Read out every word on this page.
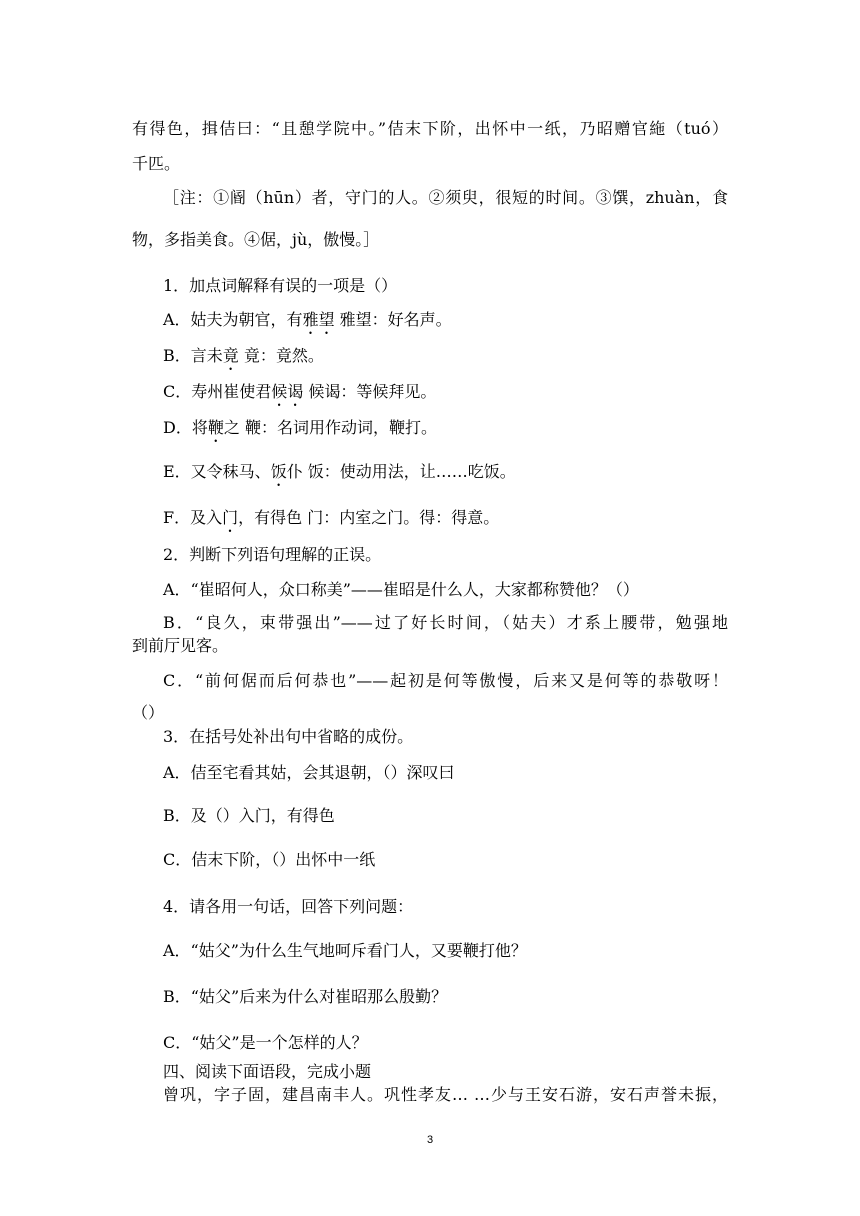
有得色，揖佶曰：“且憩学院中。”佶末下阶，出怀中一纸，乃昭赠官絁（tuó）
千匹。
［注：①阍（hūn）者，守门的人。②须臾，很短的时间。③馔，zhuàn，食
物，多指美食。④倨，jù，傲慢。］
1．加点词解释有误的一项是（）
A．姑夫为朝官，有雅望 雅望：好名声。
B．言未竟 竟：竟然。
C．寿州崔使君候谒 候谒：等候拜见。
D．将鞭之 鞭：名词用作动词，鞭打。
E．又令秣马、饭仆 饭：使动用法，让……吃饭。
F．及入门，有得色 门：内室之门。得：得意。
2．判断下列语句理解的正误。
A．“崔昭何人，众口称美”——崔昭是什么人，大家都称赞他？（）
B．“良久，束带强出”——过了好长时间，（姑夫）才系上腰带，勉强地
到前厅见客。
C．“前何倨而后何恭也”——起初是何等傲慢，后来又是何等的恭敬呀！
（）
3．在括号处补出句中省略的成份。
A．佶至宅看其姑，会其退朝，（）深叹曰
B．及（）入门，有得色
C．佶末下阶，（）出怀中一纸
4．请各用一句话，回答下列问题：
A．“姑父”为什么生气地呵斥看门人，又要鞭打他？
B．“姑父”后来为什么对崔昭那么殷勤？
C．“姑父”是一个怎样的人？
四、阅读下面语段，完成小题
曾巩，字子固，建昌南丰人。巩性孝友… …少与王安石游，安石声誉未振，
3
